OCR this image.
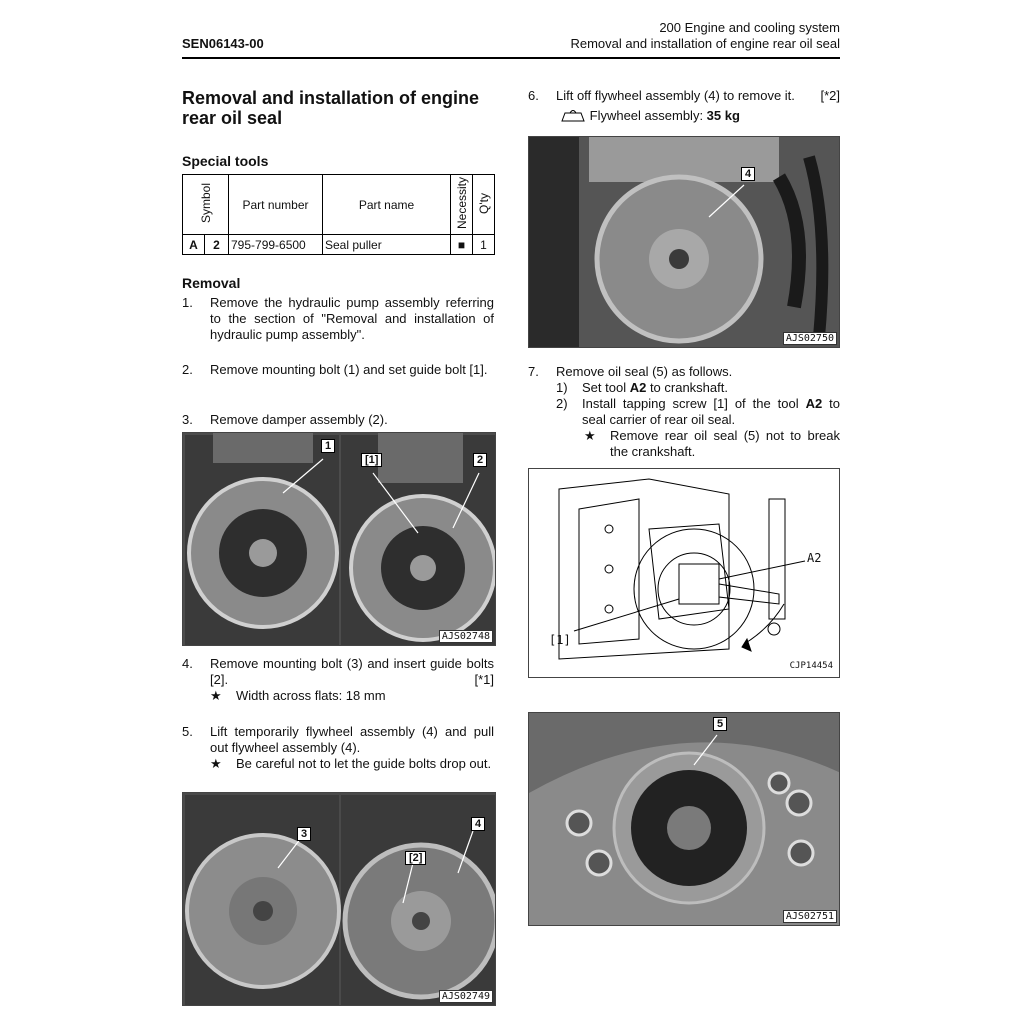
200 Engine and cooling system
Removal and installation of engine rear oil seal
SEN06143-00
Removal and installation of engine rear oil seal
Special tools
Symbol		Part number	Part name	Necessity	Q'ty
A	2	795-799-6500	Seal puller	■	1
Removal
1. Remove the hydraulic pump assembly referring to the section of "Removal and installation of hydraulic pump assembly".
2. Remove mounting bolt (1) and set guide bolt [1].
3. Remove damper assembly (2).
1
[1]	2
AJS02748
4. Remove mounting bolt (3) and insert guide bolts [2].	[*1]
★ Width across flats: 18 mm
5. Lift temporarily flywheel assembly (4) and pull out flywheel assembly (4).
★ Be careful not to let the guide bolts drop out.
3
[2]
4
AJS02749
6. Lift off flywheel assembly (4) to remove it. [*2]
Flywheel assembly: 35 kg
4
AJS02750
7. Remove oil seal (5) as follows.
1) Set tool A2 to crankshaft.
2) Install tapping screw [1] of the tool A2 to seal carrier of rear oil seal.
★ Remove rear oil seal (5) not to break the crankshaft.
A2
[1]
CJP14454
5
AJS02751
